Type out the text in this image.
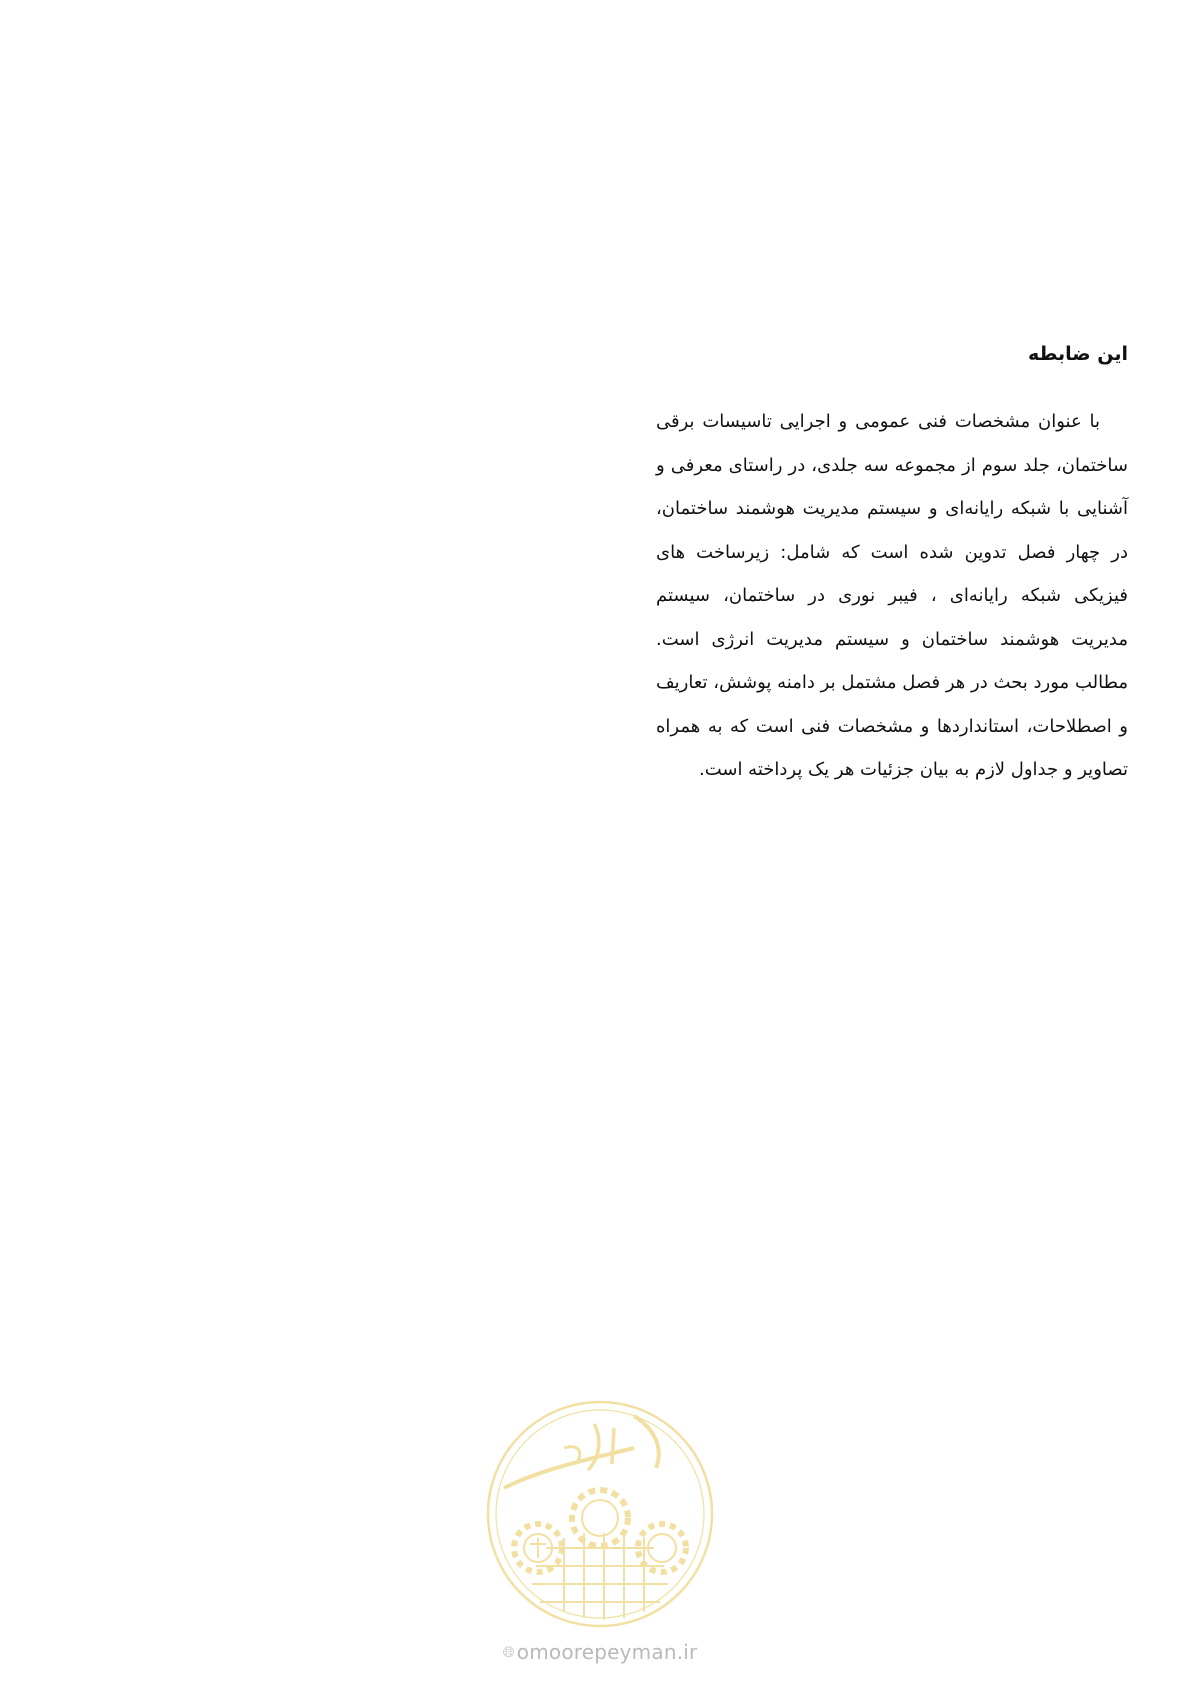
این ضابطه

با عنوان مشخصات فنی عمومی و اجرایی تاسیسات برقی ساختمان، جلد سوم از مجموعه سه جلدی، در راستای معرفی و آشنایی با شبکه رایانه‌ای و سیستم مدیریت هوشمند ساختمان، در چهار فصل تدوین شده است که شامل: زیرساخت های فیزیکی شبکه رایانه‌ای ، فیبر نوری در ساختمان، سیستم مدیریت هوشمند ساختمان و سیستم مدیریت انرژی است. مطالب مورد بحث در هر فصل مشتمل بر دامنه پوشش، تعاریف و اصطلاحات، استانداردها و مشخصات فنی است که به همراه تصاویر و جداول لازم به بیان جزئیات هر یک پرداخته است.

🌐︎ omoorepeyman.ir
